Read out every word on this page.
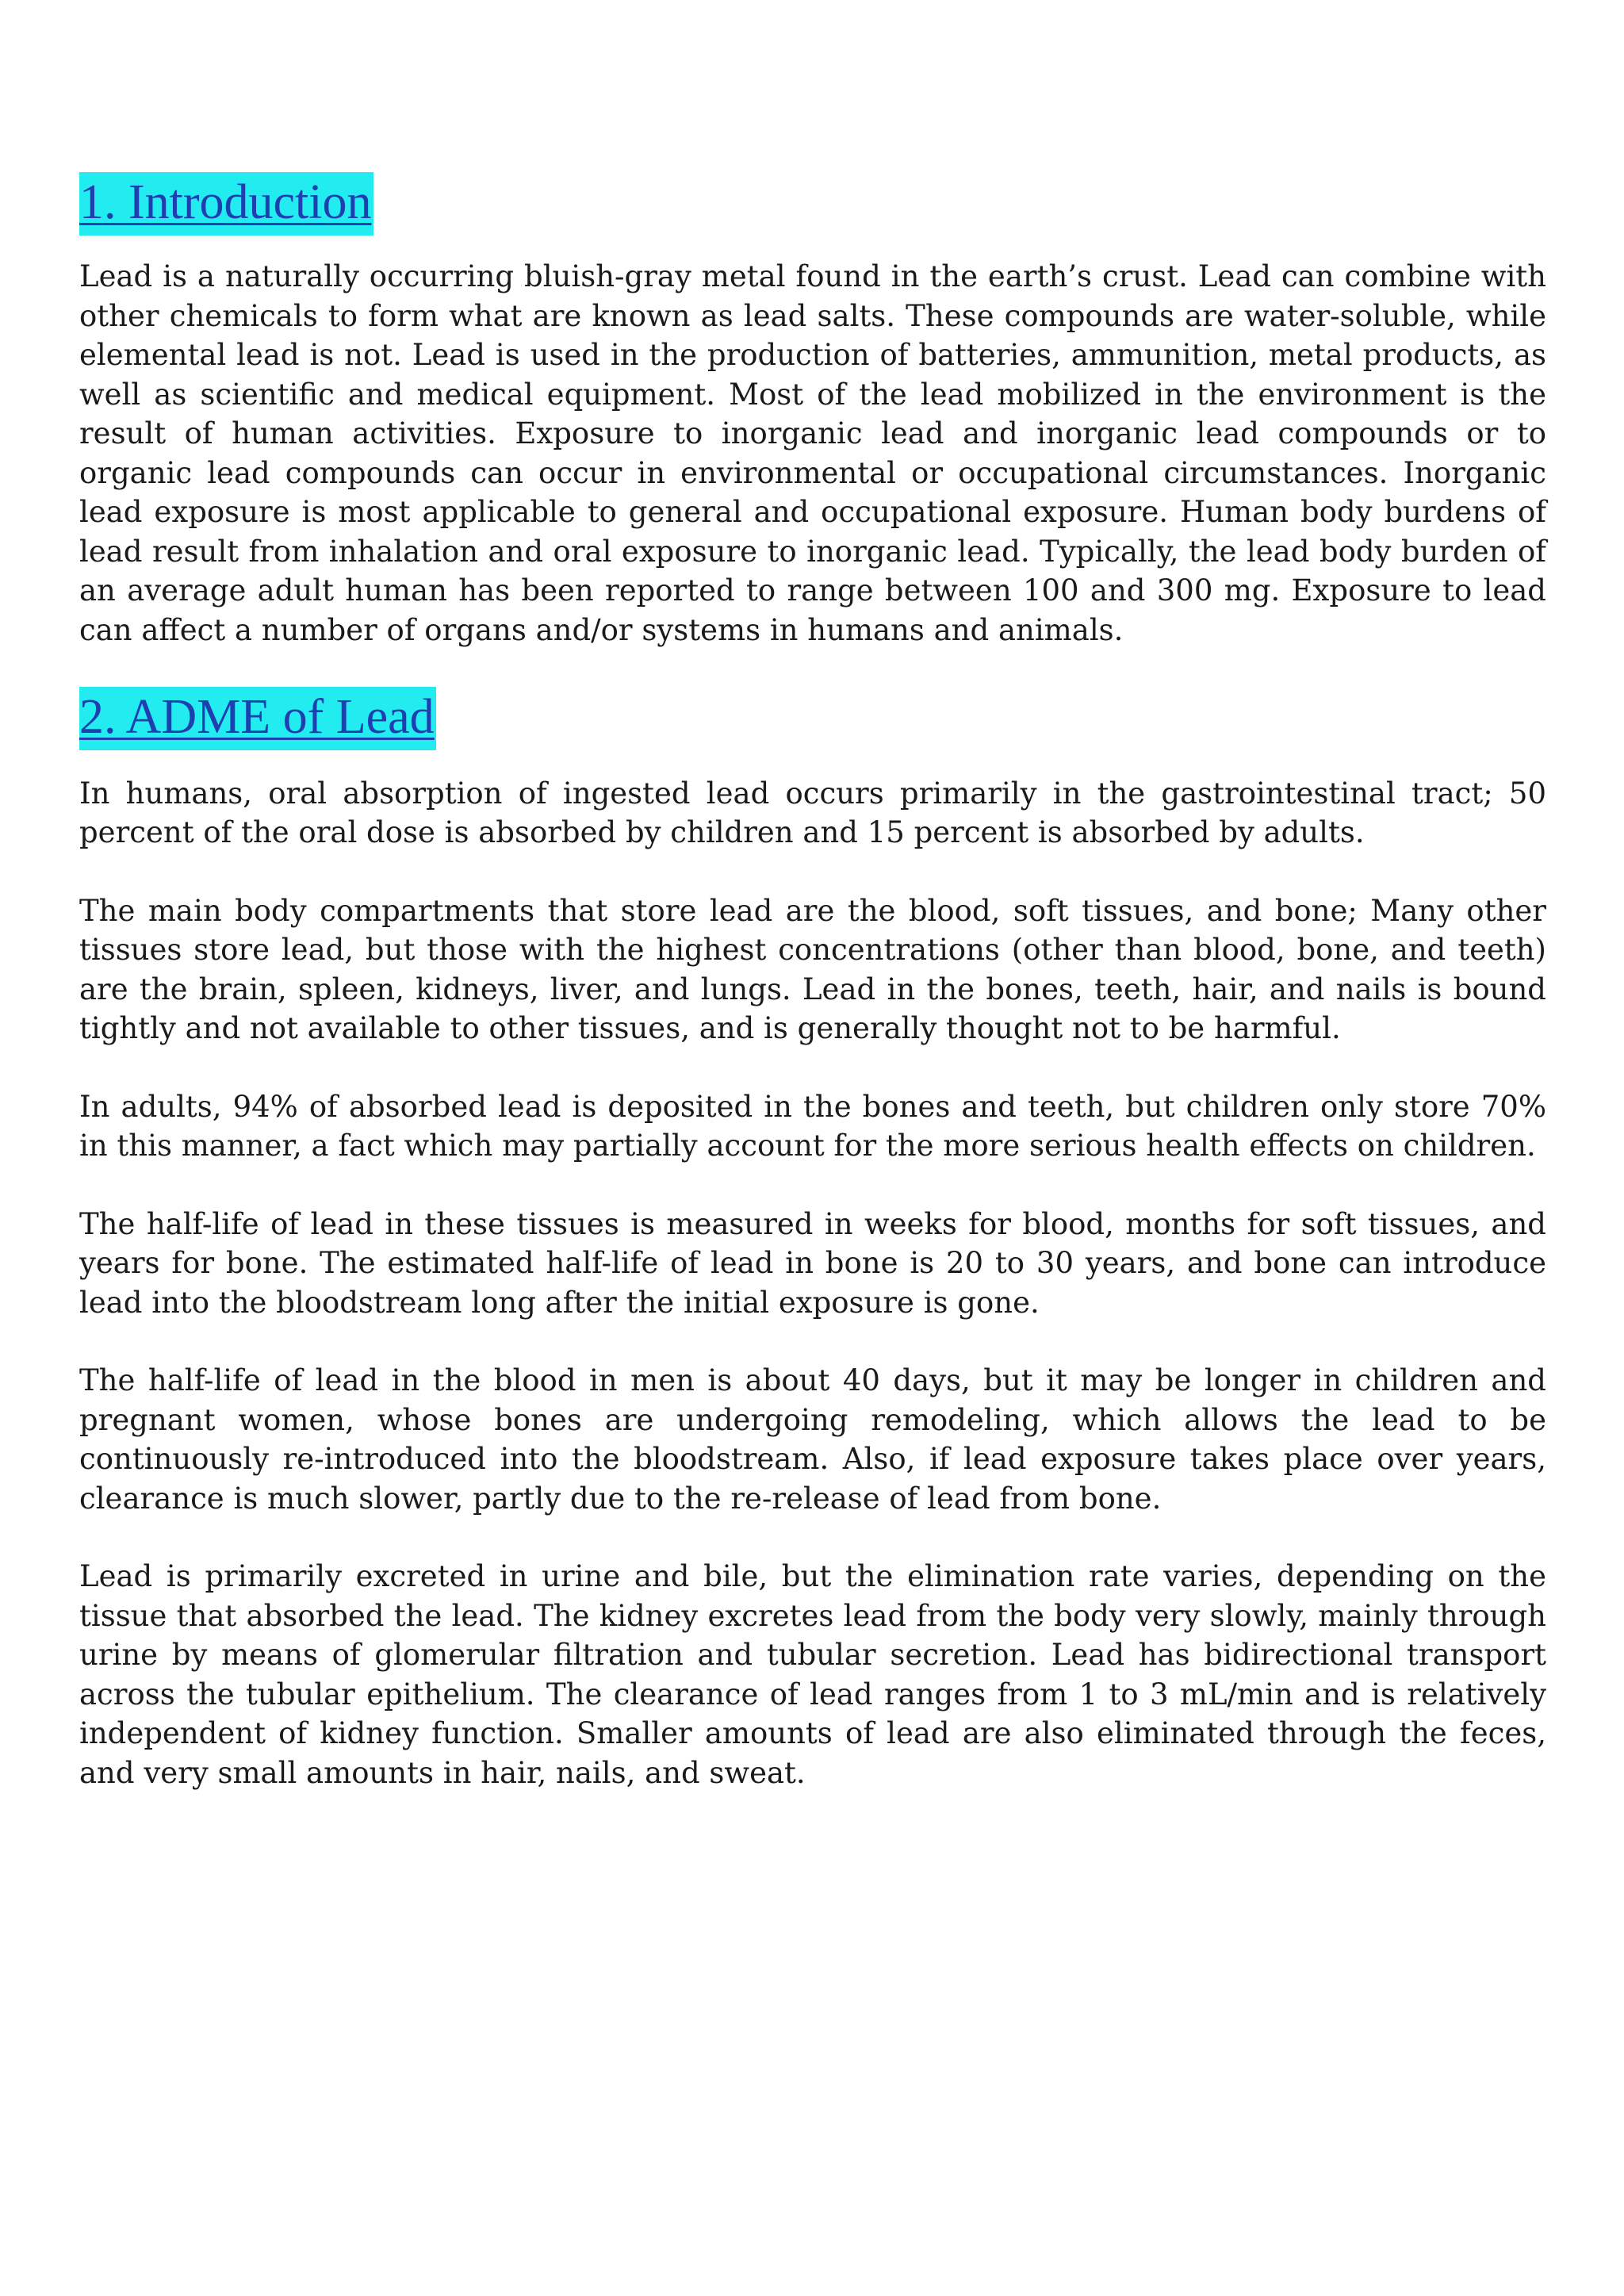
1. Introduction

Lead is a naturally occurring bluish-gray metal found in the earth’s crust. Lead can combine with other chemicals to form what are known as lead salts. These compounds are water-soluble, while elemental lead is not. Lead is used in the production of batteries, ammunition, metal products, as well as scientific and medical equipment. Most of the lead mobilized in the environment is the result of human activities. Exposure to inorganic lead and inorganic lead compounds or to organic lead compounds can occur in environmental or occupational circumstances. Inorganic lead exposure is most applicable to general and occupational exposure. Human body burdens of lead result from inhalation and oral exposure to inorganic lead. Typically, the lead body burden of an average adult human has been reported to range between 100 and 300 mg. Exposure to lead can affect a number of organs and/or systems in humans and animals.

2. ADME of Lead

In humans, oral absorption of ingested lead occurs primarily in the gastrointestinal tract; 50 percent of the oral dose is absorbed by children and 15 percent is absorbed by adults.

The main body compartments that store lead are the blood, soft tissues, and bone; Many other tissues store lead, but those with the highest concentrations (other than blood, bone, and teeth) are the brain, spleen, kidneys, liver, and lungs. Lead in the bones, teeth, hair, and nails is bound tightly and not available to other tissues, and is generally thought not to be harmful.

In adults, 94% of absorbed lead is deposited in the bones and teeth, but children only store 70% in this manner, a fact which may partially account for the more serious health effects on children.

The half-life of lead in these tissues is measured in weeks for blood, months for soft tissues, and years for bone. The estimated half-life of lead in bone is 20 to 30 years, and bone can introduce lead into the bloodstream long after the initial exposure is gone.

The half-life of lead in the blood in men is about 40 days, but it may be longer in children and pregnant women, whose bones are undergoing remodeling, which allows the lead to be continuously re-introduced into the bloodstream. Also, if lead exposure takes place over years, clearance is much slower, partly due to the re-release of lead from bone.

Lead is primarily excreted in urine and bile, but the elimination rate varies, depending on the tissue that absorbed the lead. The kidney excretes lead from the body very slowly, mainly through urine by means of glomerular filtration and tubular secretion. Lead has bidirectional transport across the tubular epithelium. The clearance of lead ranges from 1 to 3 mL/min and is relatively independent of kidney function. Smaller amounts of lead are also eliminated through the feces, and very small amounts in hair, nails, and sweat.
